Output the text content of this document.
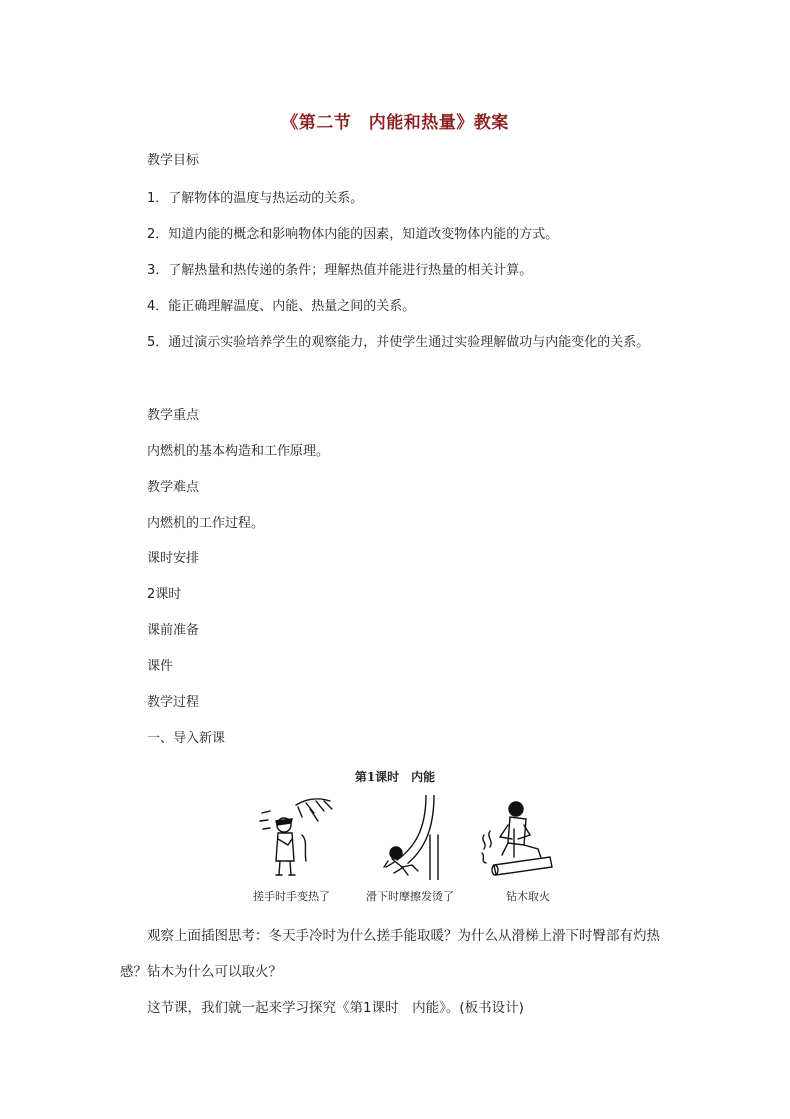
《第二节　内能和热量》教案
教学目标
1．了解物体的温度与热运动的关系。
2．知道内能的概念和影响物体内能的因素，知道改变物体内能的方式。
3．了解热量和热传递的条件；理解热值并能进行热量的相关计算。
4．能正确理解温度、内能、热量之间的关系。
5．通过演示实验培养学生的观察能力，并使学生通过实验理解做功与内能变化的关系。
教学重点
内燃机的基本构造和工作原理。
教学难点
内燃机的工作过程。
课时安排
2课时
课前准备
课件
教学过程
一、导入新课
第1课时　内能
搓手时手变热了	滑下时摩擦发烫了	钻木取火
观察上面插图思考：冬天手冷时为什么搓手能取暖？为什么从滑梯上滑下时臀部有灼热感？钻木为什么可以取火？
这节课，我们就一起来学习探究《第1课时　内能》。(板书设计)
